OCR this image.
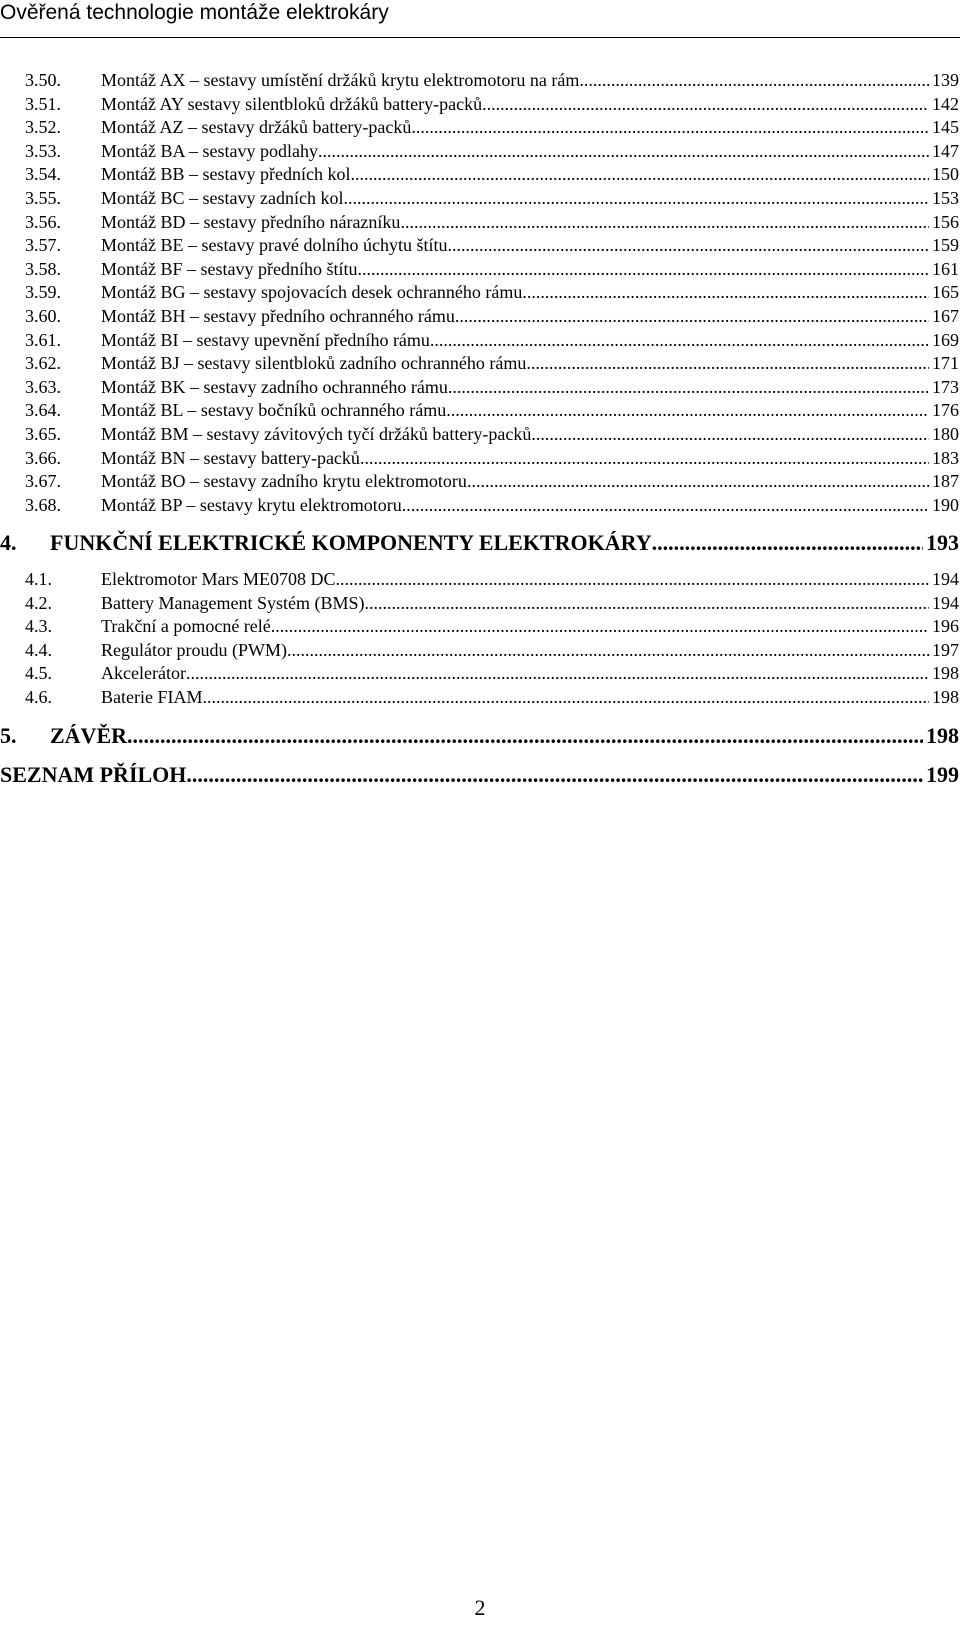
Ověřená technologie montáže elektrokáry
3.50.	Montáž AX – sestavy umístění držáků krytu elektromotoru na rám .....	139
3.51.	Montáž AY sestavy silentbloků držáků battery-packů .....	142
3.52.	Montáž AZ – sestavy držáků battery-packů .....	145
3.53.	Montáž BA – sestavy podlahy .....	147
3.54.	Montáž BB – sestavy předních kol .....	150
3.55.	Montáž BC – sestavy zadních kol .....	153
3.56.	Montáž BD – sestavy předního nárazníku .....	156
3.57.	Montáž BE – sestavy pravé dolního úchytu štítu .....	159
3.58.	Montáž BF – sestavy předního štítu .....	161
3.59.	Montáž BG – sestavy spojovacích desek ochranného rámu .....	165
3.60.	Montáž BH – sestavy předního ochranného rámu .....	167
3.61.	Montáž BI – sestavy upevnění předního rámu .....	169
3.62.	Montáž BJ – sestavy silentbloků zadního ochranného rámu .....	171
3.63.	Montáž BK – sestavy zadního ochranného rámu .....	173
3.64.	Montáž BL – sestavy bočníků ochranného rámu .....	176
3.65.	Montáž BM – sestavy závitových tyčí držáků battery-packů .....	180
3.66.	Montáž BN – sestavy battery-packů .....	183
3.67.	Montáž BO – sestavy zadního krytu elektromotoru .....	187
3.68.	Montáž BP – sestavy krytu elektromotoru .....	190
4.	FUNKČNÍ ELEKTRICKÉ KOMPONENTY ELEKTROKÁRY .....	193
4.1.	Elektromotor Mars ME0708 DC .....	194
4.2.	Battery Management Systém (BMS) .....	194
4.3.	Trakční a pomocné relé .....	196
4.4.	Regulátor proudu (PWM) .....	197
4.5.	Akcelerátor .....	198
4.6.	Baterie FIAM .....	198
5.	ZÁVĚR .....	198
SEZNAM PŘÍLOH .....	199
2
